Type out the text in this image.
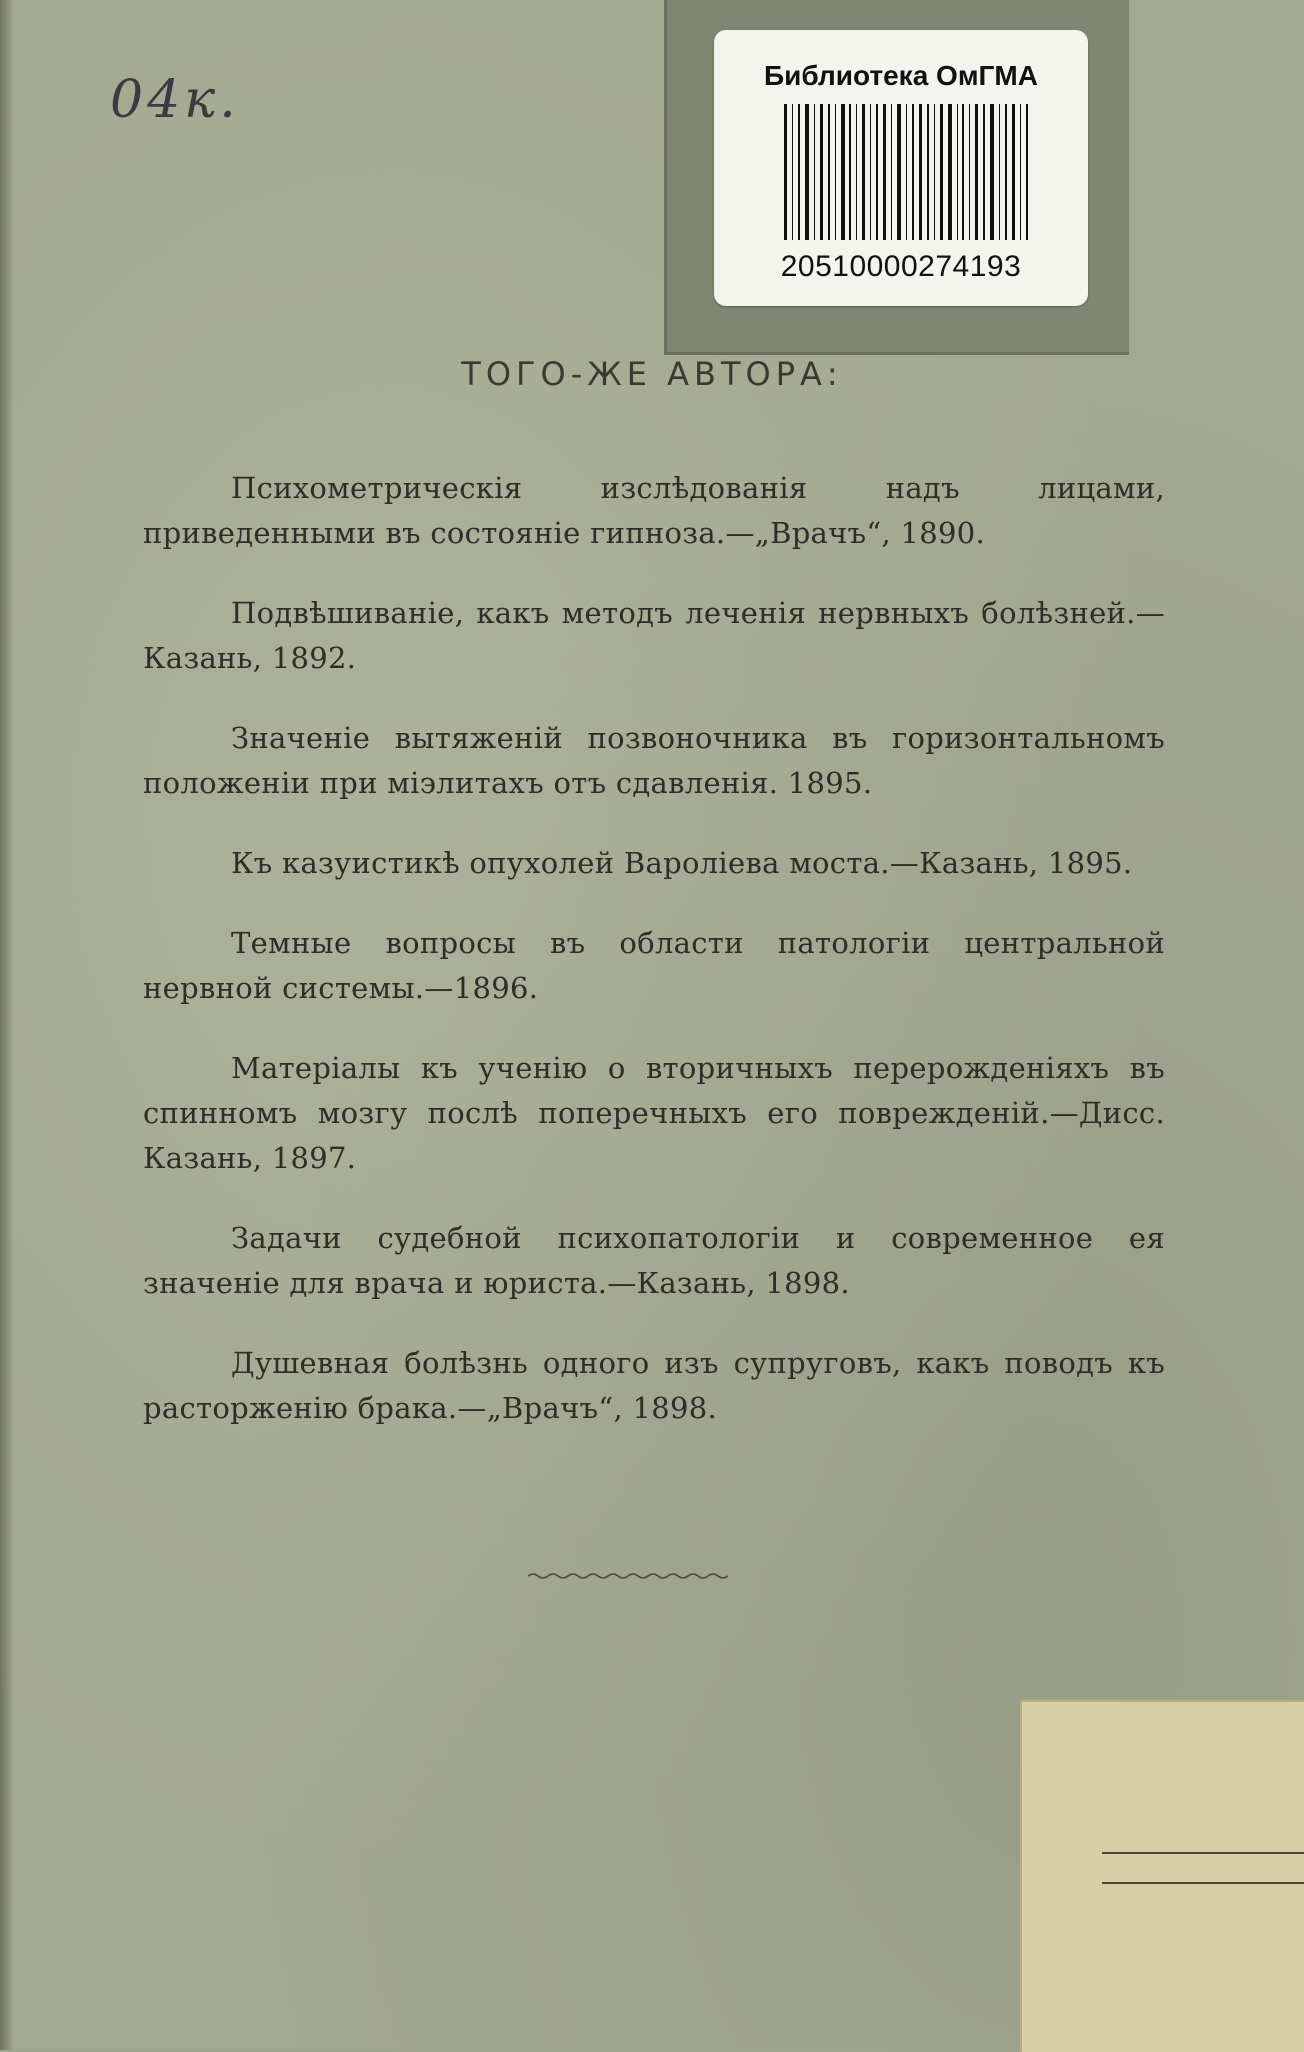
04к.	Библиотека ОмГМА
20510000274193
ТОГО-ЖЕ АВТОРА:

Психометрическія изслѣдованія надъ лицами, приведенными въ состояніе гипноза.—„Врачъ“, 1890.

Подвѣшиваніе, какъ методъ леченія нервныхъ болѣзней.—Казань, 1892.

Значеніе вытяженій позвоночника въ горизонтальномъ положеніи при міэлитахъ отъ сдавленія. 1895.

Къ казуистикѣ опухолей Вароліева моста.—Казань, 1895.

Темные вопросы въ области патологіи центральной нервной системы.—1896.

Матеріалы къ ученію о вторичныхъ перерожденіяхъ въ спинномъ мозгу послѣ поперечныхъ его поврежденій.—Дисс. Казань, 1897.

Задачи судебной психопатологіи и современное ея значеніе для врача и юриста.—Казань, 1898.

Душевная болѣзнь одного изъ супруговъ, какъ поводъ къ расторженію брака.—„Врачъ“, 1898.
